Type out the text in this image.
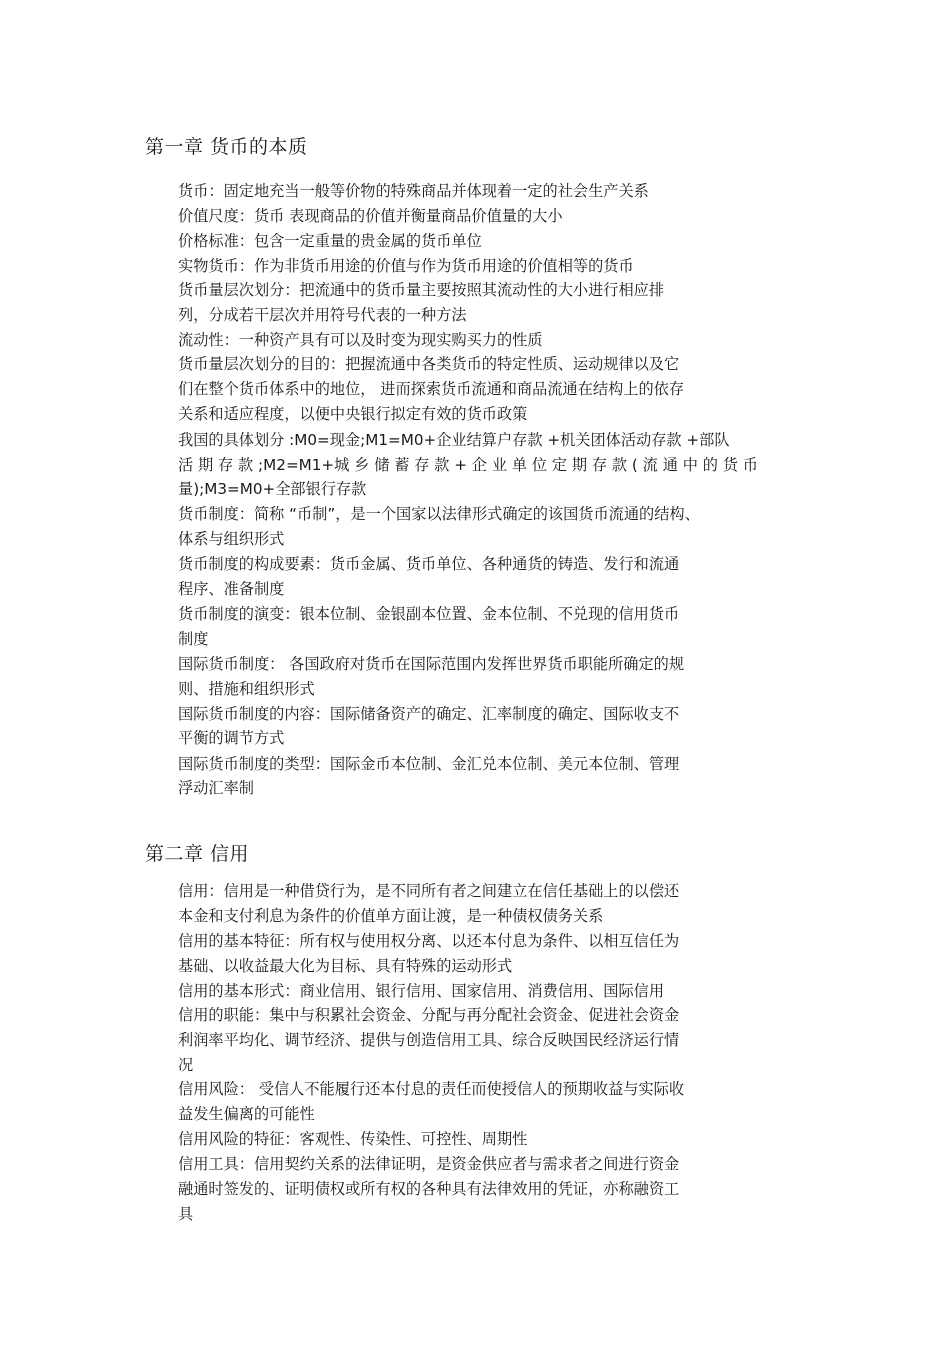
第一章 货币的本质

货币：固定地充当一般等价物的特殊商品并体现着一定的社会生产关系

价值尺度：货币 表现商品的价值并衡量商品价值量的大小

价格标准：包含一定重量的贵金属的货币单位

实物货币：作为非货币用途的价值与作为货币用途的价值相等的货币

货币量层次划分：把流通中的货币量主要按照其流动性的大小进行相应排

列，分成若干层次并用符号代表的一种方法

流动性：一种资产具有可以及时变为现实购买力的性质

货币量层次划分的目的：把握流通中各类货币的特定性质、运动规律以及它

们在整个货币体系中的地位， 进而探索货币流通和商品流通在结构上的依存

关系和适应程度，以便中央银行拟定有效的货币政策

我国的具体划分 :M0=现金;M1=M0+企业结算户存款 +机关团体活动存款 +部队

活 期 存 款 ;M2=M1+城 乡 储 蓄 存 款 + 企 业 单 位 定 期 存 款 ( 流 通 中 的 货 币

量);M3=M0+全部银行存款

货币制度：简称 “币制”，是一个国家以法律形式确定的该国货币流通的结构、

体系与组织形式

货币制度的构成要素：货币金属、货币单位、各种通货的铸造、发行和流通

程序、准备制度

货币制度的演变：银本位制、金银副本位置、金本位制、不兑现的信用货币

制度

国际货币制度： 各国政府对货币在国际范围内发挥世界货币职能所确定的规

则、措施和组织形式

国际货币制度的内容：国际储备资产的确定、汇率制度的确定、国际收支不

平衡的调节方式

国际货币制度的类型：国际金币本位制、金汇兑本位制、美元本位制、管理

浮动汇率制

第二章 信用

信用：信用是一种借贷行为，是不同所有者之间建立在信任基础上的以偿还

本金和支付利息为条件的价值单方面让渡，是一种债权债务关系

信用的基本特征：所有权与使用权分离、以还本付息为条件、以相互信任为

基础、以收益最大化为目标、具有特殊的运动形式

信用的基本形式：商业信用、银行信用、国家信用、消费信用、国际信用

信用的职能：集中与积累社会资金、分配与再分配社会资金、促进社会资金

利润率平均化、调节经济、提供与创造信用工具、综合反映国民经济运行情

况

信用风险： 受信人不能履行还本付息的责任而使授信人的预期收益与实际收

益发生偏离的可能性

信用风险的特征：客观性、传染性、可控性、周期性

信用工具：信用契约关系的法律证明，是资金供应者与需求者之间进行资金

融通时签发的、证明债权或所有权的各种具有法律效用的凭证，亦称融资工

具
